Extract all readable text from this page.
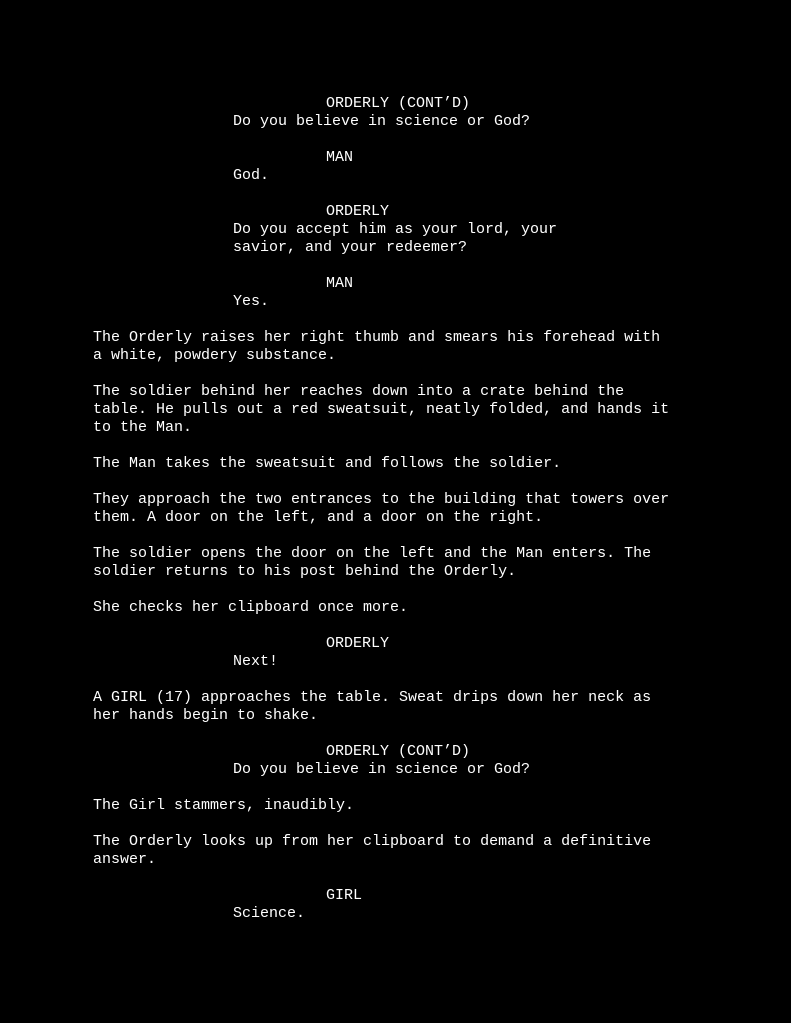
ORDERLY (CONT’D)
Do you believe in science or God?
MAN
God.
ORDERLY
Do you accept him as your lord, your
savior, and your redeemer?
MAN
Yes.
The Orderly raises her right thumb and smears his forehead with
a white, powdery substance.
The soldier behind her reaches down into a crate behind the
table. He pulls out a red sweatsuit, neatly folded, and hands it
to the Man.
The Man takes the sweatsuit and follows the soldier.
They approach the two entrances to the building that towers over
them. A door on the left, and a door on the right.
The soldier opens the door on the left and the Man enters. The
soldier returns to his post behind the Orderly.
She checks her clipboard once more.
ORDERLY
Next!
A GIRL (17) approaches the table. Sweat drips down her neck as
her hands begin to shake.
ORDERLY (CONT’D)
Do you believe in science or God?
The Girl stammers, inaudibly.
The Orderly looks up from her clipboard to demand a definitive
answer.
GIRL
Science.
